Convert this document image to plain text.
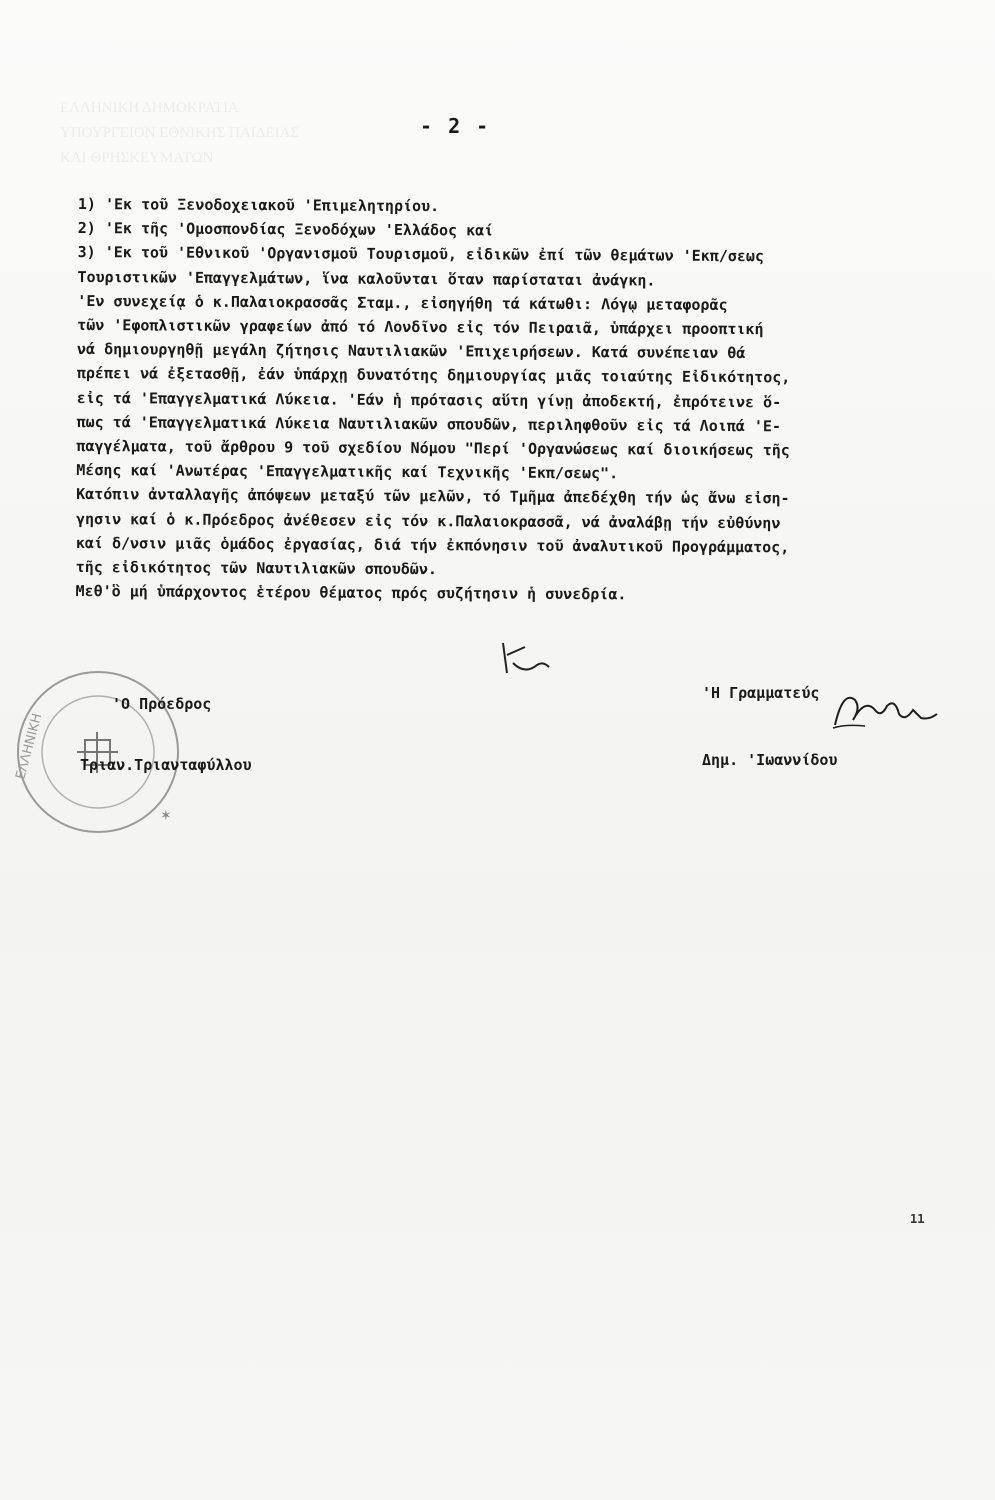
ΕΛΛΗΝΙΚΗ ΔΗΜΟΚΡΑΤΙΑ
ΥΠΟΥΡΓΕΙΟΝ ΕΘΝΙΚΗΣ ΠΑΙΔΕΙΑΣ
ΚΑΙ ΘΡΗΣΚΕΥΜΑΤΩΝ
- 2 -
1) 'Εκ τοῦ Ξενοδοχειακοῦ 'Επιμελητηρίου.
2) 'Εκ τῆς 'Ομοσπονδίας Ξενοδόχων 'Ελλάδος καί
3) 'Εκ τοῦ 'Εθνικοῦ 'Οργανισμοῦ Τουρισμοῦ, εἰδικῶν ἐπί τῶν θεμάτων 'Εκπ/σεως
Τουριστικῶν 'Επαγγελμάτων, ἵνα καλοῦνται ὅταν παρίσταται ἀνάγκη.
'Εν συνεχείᾳ ὁ κ.Παλαιοκρασσᾶς Σταμ., εἰσηγήθη τά κάτωθι: Λόγῳ μεταφορᾶς
τῶν 'Εφοπλιστικῶν γραφείων ἀπό τό Λονδῖνο εἰς τόν Πειραιᾶ, ὑπάρχει προοπτική
νά δημιουργηθῇ μεγάλη ζήτησις Ναυτιλιακῶν 'Επιχειρήσεων. Κατά συνέπειαν θά
πρέπει νά ἐξετασθῇ, ἐάν ὑπάρχῃ δυνατότης δημιουργίας μιᾶς τοιαύτης Εἰδικότητος,
εἰς τά 'Επαγγελματικά Λύκεια. 'Εάν ἡ πρότασις αὕτη γίνῃ ἀποδεκτή, ἐπρότεινε ὅ-
πως τά 'Επαγγελματικά Λύκεια Ναυτιλιακῶν σπουδῶν, περιληφθοῦν εἰς τά Λοιπά 'Ε-
παγγέλματα, τοῦ ἄρθρου 9 τοῦ σχεδίου Νόμου "Περί 'Οργανώσεως καί διοικήσεως τῆς
Μέσης καί 'Ανωτέρας 'Επαγγελματικῆς καί Τεχνικῆς 'Εκπ/σεως".
Κατόπιν ἀνταλλαγῆς ἀπόψεων μεταξύ τῶν μελῶν, τό Τμῆμα ἀπεδέχθη τήν ὡς ἄνω εἰση-
γησιν καί ὁ κ.Πρόεδρος ἀνέθεσεν εἰς τόν κ.Παλαιοκρασσᾶ, νά ἀναλάβῃ τήν εὐθύνην
καί δ/νσιν μιᾶς ὁμάδος ἐργασίας, διά τήν ἐκπόνησιν τοῦ ἀναλυτικοῦ Προγράμματος,
τῆς εἰδικότητος τῶν Ναυτιλιακῶν σπουδῶν.
Μεθ'ὃ μή ὑπάρχοντος ἑτέρου θέματος πρός συζήτησιν ἡ συνεδρία.
✶
ΕΛΛΗΝΙΚΗ
'Ο Πρόεδρος
Τριαν.Τριανταφύλλου
'Η Γραμματεύς
Δημ. 'Ιωαννίδου
11
